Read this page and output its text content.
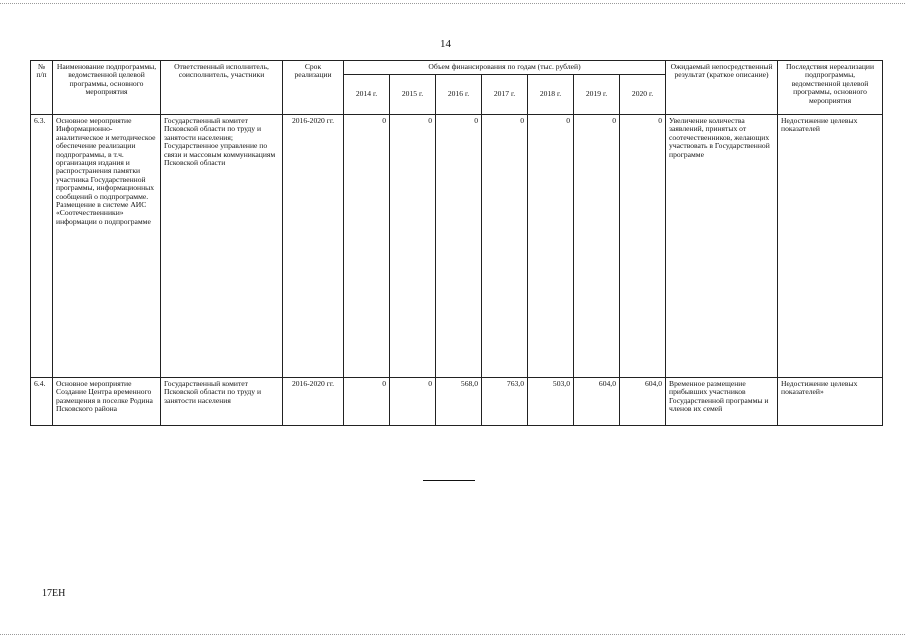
14
№ п/п	Наименование подпрограммы, ведомственной целевой программы, основного мероприятия	Ответственный исполнитель, соисполнитель, участники	Срок реализации	Объем финансирования по годам (тыс. рублей)							Ожидаемый непосредственный результат (краткое описание)	Последствия нереализации подпрограммы, ведомственной целевой программы, основного мероприятия
				2014 г.	2015 г.	2016 г.	2017 г.	2018 г.	2019 г.	2020 г.		
6.3.	Основное мероприятие Информационно-аналитическое и методическое обеспечение реализации подпрограммы, в т.ч. организация издания и распространения памятки участника Государственной программы, информационных сообщений о подпрограмме. Размещение в системе АИС «Соотечественники» информации о подпрограмме	Государственный комитет Псковской области по труду и занятости населения; Государственное управление по связи и массовым коммуникациям Псковской области	2016-2020 гг.	0	0	0	0	0	0	0	Увеличение количества заявлений, принятых от соотечественников, желающих участвовать в Государственной программе	Недостижение целевых показателей
6.4.	Основное мероприятие Создание Центра временного размещения в поселке Родина Псковского района	Государственный комитет Псковской области по труду и занятости населения	2016-2020 гг.	0	0	568,0	763,0	503,0	604,0	604,0	Временное размещение прибывших участников Государственной программы и членов их семей	Недостижение целевых показателей»
17ЕН
